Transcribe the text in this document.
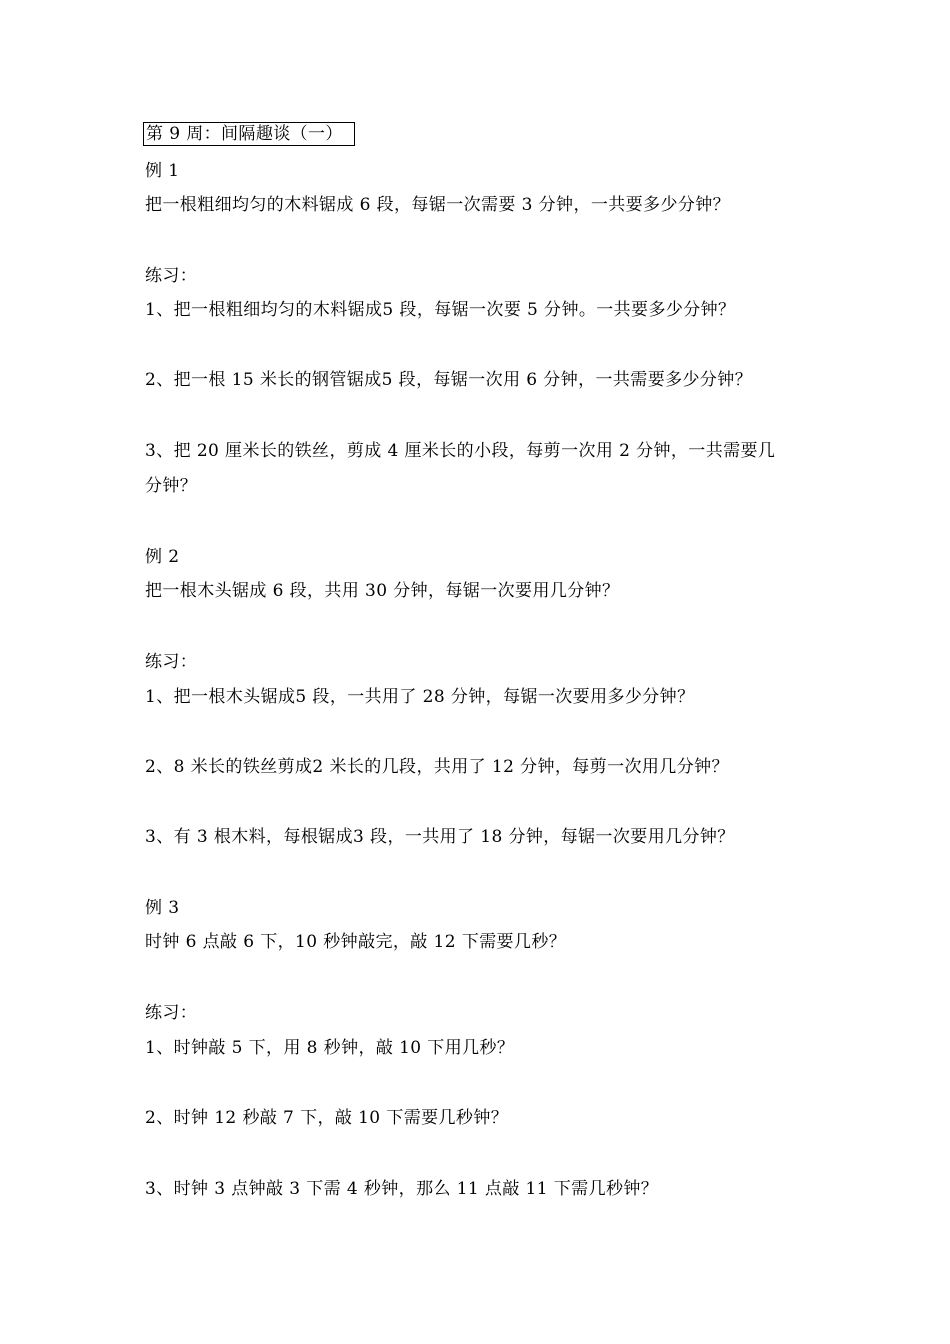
第 9 周：间隔趣谈（一）
例 1
把一根粗细均匀的木料锯成 6 段，每锯一次需要 3 分钟，一共要多少分钟？
练习：
1、把一根粗细均匀的木料锯成5 段，每锯一次要 5 分钟。一共要多少分钟？
2、把一根 15 米长的钢管锯成5 段，每锯一次用 6 分钟，一共需要多少分钟？
3、把 20 厘米长的铁丝，剪成 4 厘米长的小段，每剪一次用 2 分钟，一共需要几
分钟？
例 2
把一根木头锯成 6 段，共用 30 分钟，每锯一次要用几分钟？
练习：
1、把一根木头锯成5 段，一共用了 28 分钟，每锯一次要用多少分钟？
2、8 米长的铁丝剪成2 米长的几段，共用了 12 分钟，每剪一次用几分钟？
3、有 3 根木料，每根锯成3 段，一共用了 18 分钟，每锯一次要用几分钟？
例 3
时钟 6 点敲 6 下，10 秒钟敲完，敲 12 下需要几秒？
练习：
1、时钟敲 5 下，用 8 秒钟，敲 10 下用几秒？
2、时钟 12 秒敲 7 下，敲 10 下需要几秒钟？
3、时钟 3 点钟敲 3 下需 4 秒钟，那么 11 点敲 11 下需几秒钟？
